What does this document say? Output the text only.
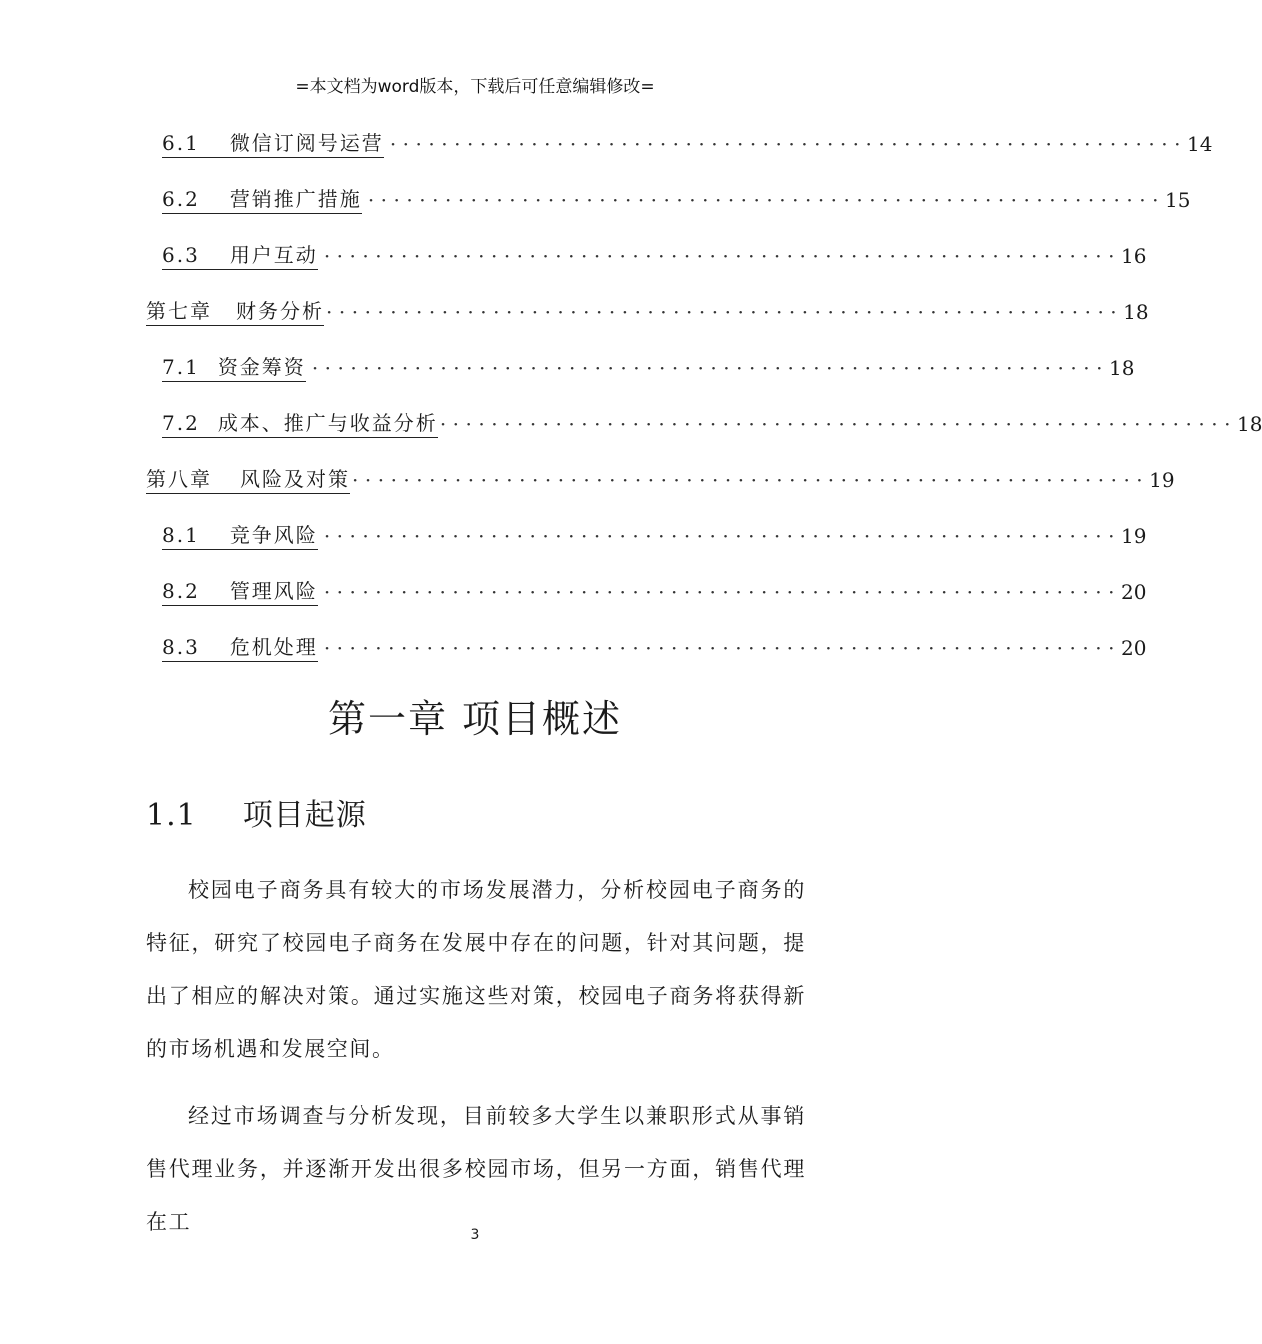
=本文档为word版本，下载后可任意编辑修改=
6.1 微信订阅号运营 ······························································ 14
6.2 营销推广措施 ······························································ 15
6.3 用户互动 ······························································ 16
第七章 财务分析 ······························································ 18
7.1 资金筹资 ······························································ 18
7.2 成本、推广与收益分析 ······························································ 18
第八章 风险及对策 ······························································ 19
8.1 竞争风险 ······························································ 19
8.2 管理风险 ······························································ 20
8.3 危机处理 ······························································ 20
第一章 项目概述
1.1 项目起源

校园电子商务具有较大的市场发展潜力，分析校园电子商务的特征，研究了校园电子商务在发展中存在的问题，针对其问题，提出了相应的解决对策。通过实施这些对策，校园电子商务将获得新的市场机遇和发展空间。

经过市场调查与分析发现，目前较多大学生以兼职形式从事销售代理业务，并逐渐开发出很多校园市场，但另一方面，销售代理在工

3
